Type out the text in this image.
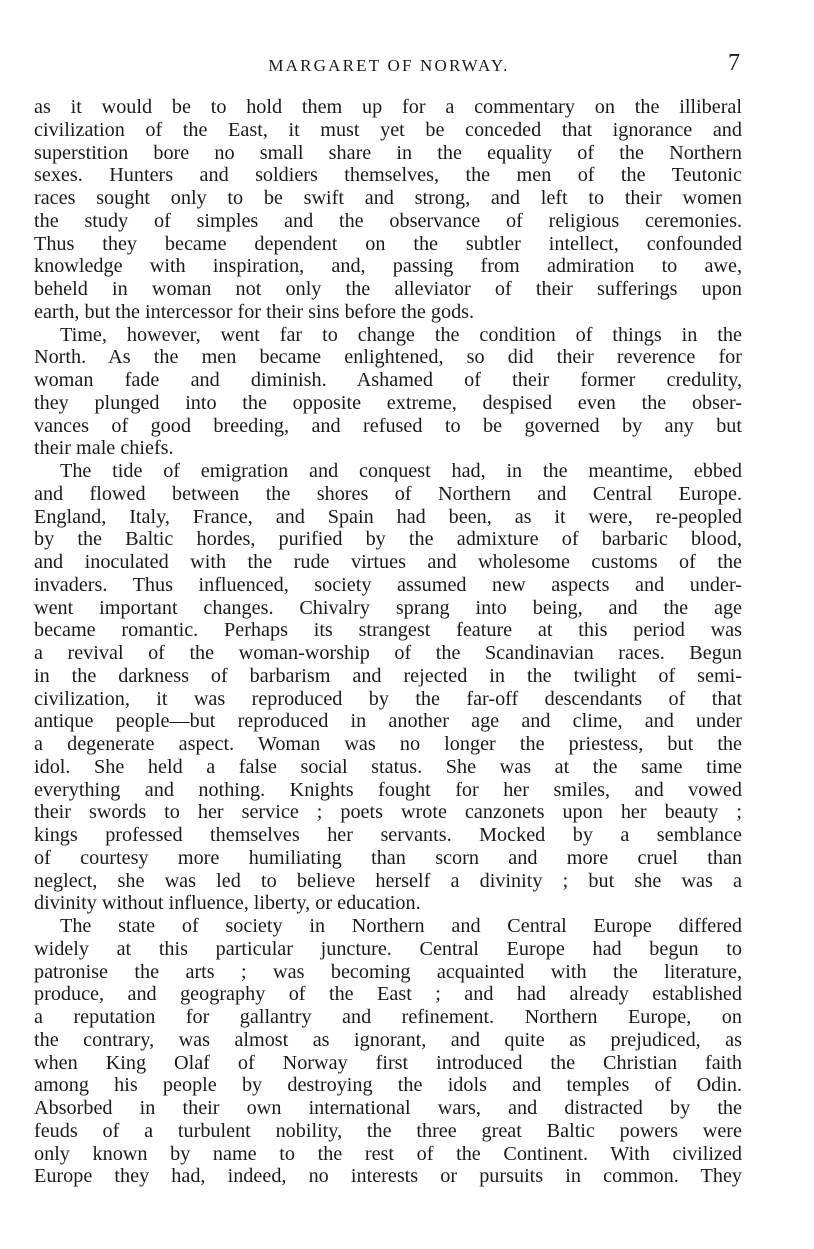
MARGARET OF NORWAY.	7
as it would be to hold them up for a commentary on the illiberal
civilization of the East, it must yet be conceded that ignorance and
superstition bore no small share in the equality of the Northern
sexes. Hunters and soldiers themselves, the men of the Teutonic
races sought only to be swift and strong, and left to their women
the study of simples and the observance of religious ceremonies.
Thus they became dependent on the subtler intellect, confounded
knowledge with inspiration, and, passing from admiration to awe,
beheld in woman not only the alleviator of their sufferings upon
earth, but the intercessor for their sins before the gods.
Time, however, went far to change the condition of things in the
North. As the men became enlightened, so did their reverence for
woman fade and diminish. Ashamed of their former credulity,
they plunged into the opposite extreme, despised even the obser-
vances of good breeding, and refused to be governed by any but
their male chiefs.
The tide of emigration and conquest had, in the meantime, ebbed
and flowed between the shores of Northern and Central Europe.
England, Italy, France, and Spain had been, as it were, re-peopled
by the Baltic hordes, purified by the admixture of barbaric blood,
and inoculated with the rude virtues and wholesome customs of the
invaders. Thus influenced, society assumed new aspects and under-
went important changes. Chivalry sprang into being, and the age
became romantic. Perhaps its strangest feature at this period was
a revival of the woman-worship of the Scandinavian races. Begun
in the darkness of barbarism and rejected in the twilight of semi-
civilization, it was reproduced by the far-off descendants of that
antique people—but reproduced in another age and clime, and under
a degenerate aspect. Woman was no longer the priestess, but the
idol. She held a false social status. She was at the same time
everything and nothing. Knights fought for her smiles, and vowed
their swords to her service ; poets wrote canzonets upon her beauty ;
kings professed themselves her servants. Mocked by a semblance
of courtesy more humiliating than scorn and more cruel than
neglect, she was led to believe herself a divinity ; but she was a
divinity without influence, liberty, or education.
The state of society in Northern and Central Europe differed
widely at this particular juncture. Central Europe had begun to
patronise the arts ; was becoming acquainted with the literature,
produce, and geography of the East ; and had already established
a reputation for gallantry and refinement. Northern Europe, on
the contrary, was almost as ignorant, and quite as prejudiced, as
when King Olaf of Norway first introduced the Christian faith
among his people by destroying the idols and temples of Odin.
Absorbed in their own international wars, and distracted by the
feuds of a turbulent nobility, the three great Baltic powers were
only known by name to the rest of the Continent. With civilized
Europe they had, indeed, no interests or pursuits in common. They
